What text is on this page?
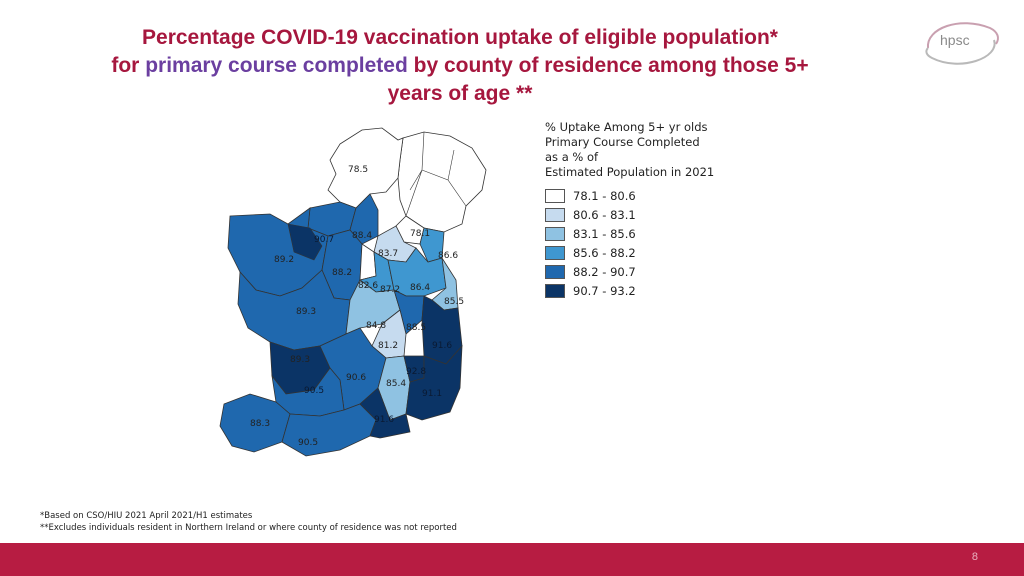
Percentage COVID-19 vaccination uptake of eligible population*
for primary course completed by county of residence among those 5+
years of age **
hpsc
78.5
90.7 88.4	78.1
89.2
83.7	86.6
88.2
82.6 87.2 86.4
85.5
89.3
84.8 88.5
81.2	91.6
89.3
90.6
92.8
85.4
90.5	91.1
91.6
88.3
90.5
% Uptake Among 5+ yr olds
Primary Course Completed
as a % of
Estimated Population in 2021
78.1 - 80.6
80.6 - 83.1
83.1 - 85.6
85.6 - 88.2
88.2 - 90.7
90.7 - 93.2
*Based on CSO/HIU 2021 April 2021/H1 estimates
**Excludes individuals resident in Northern Ireland or where county of residence was not reported
8
